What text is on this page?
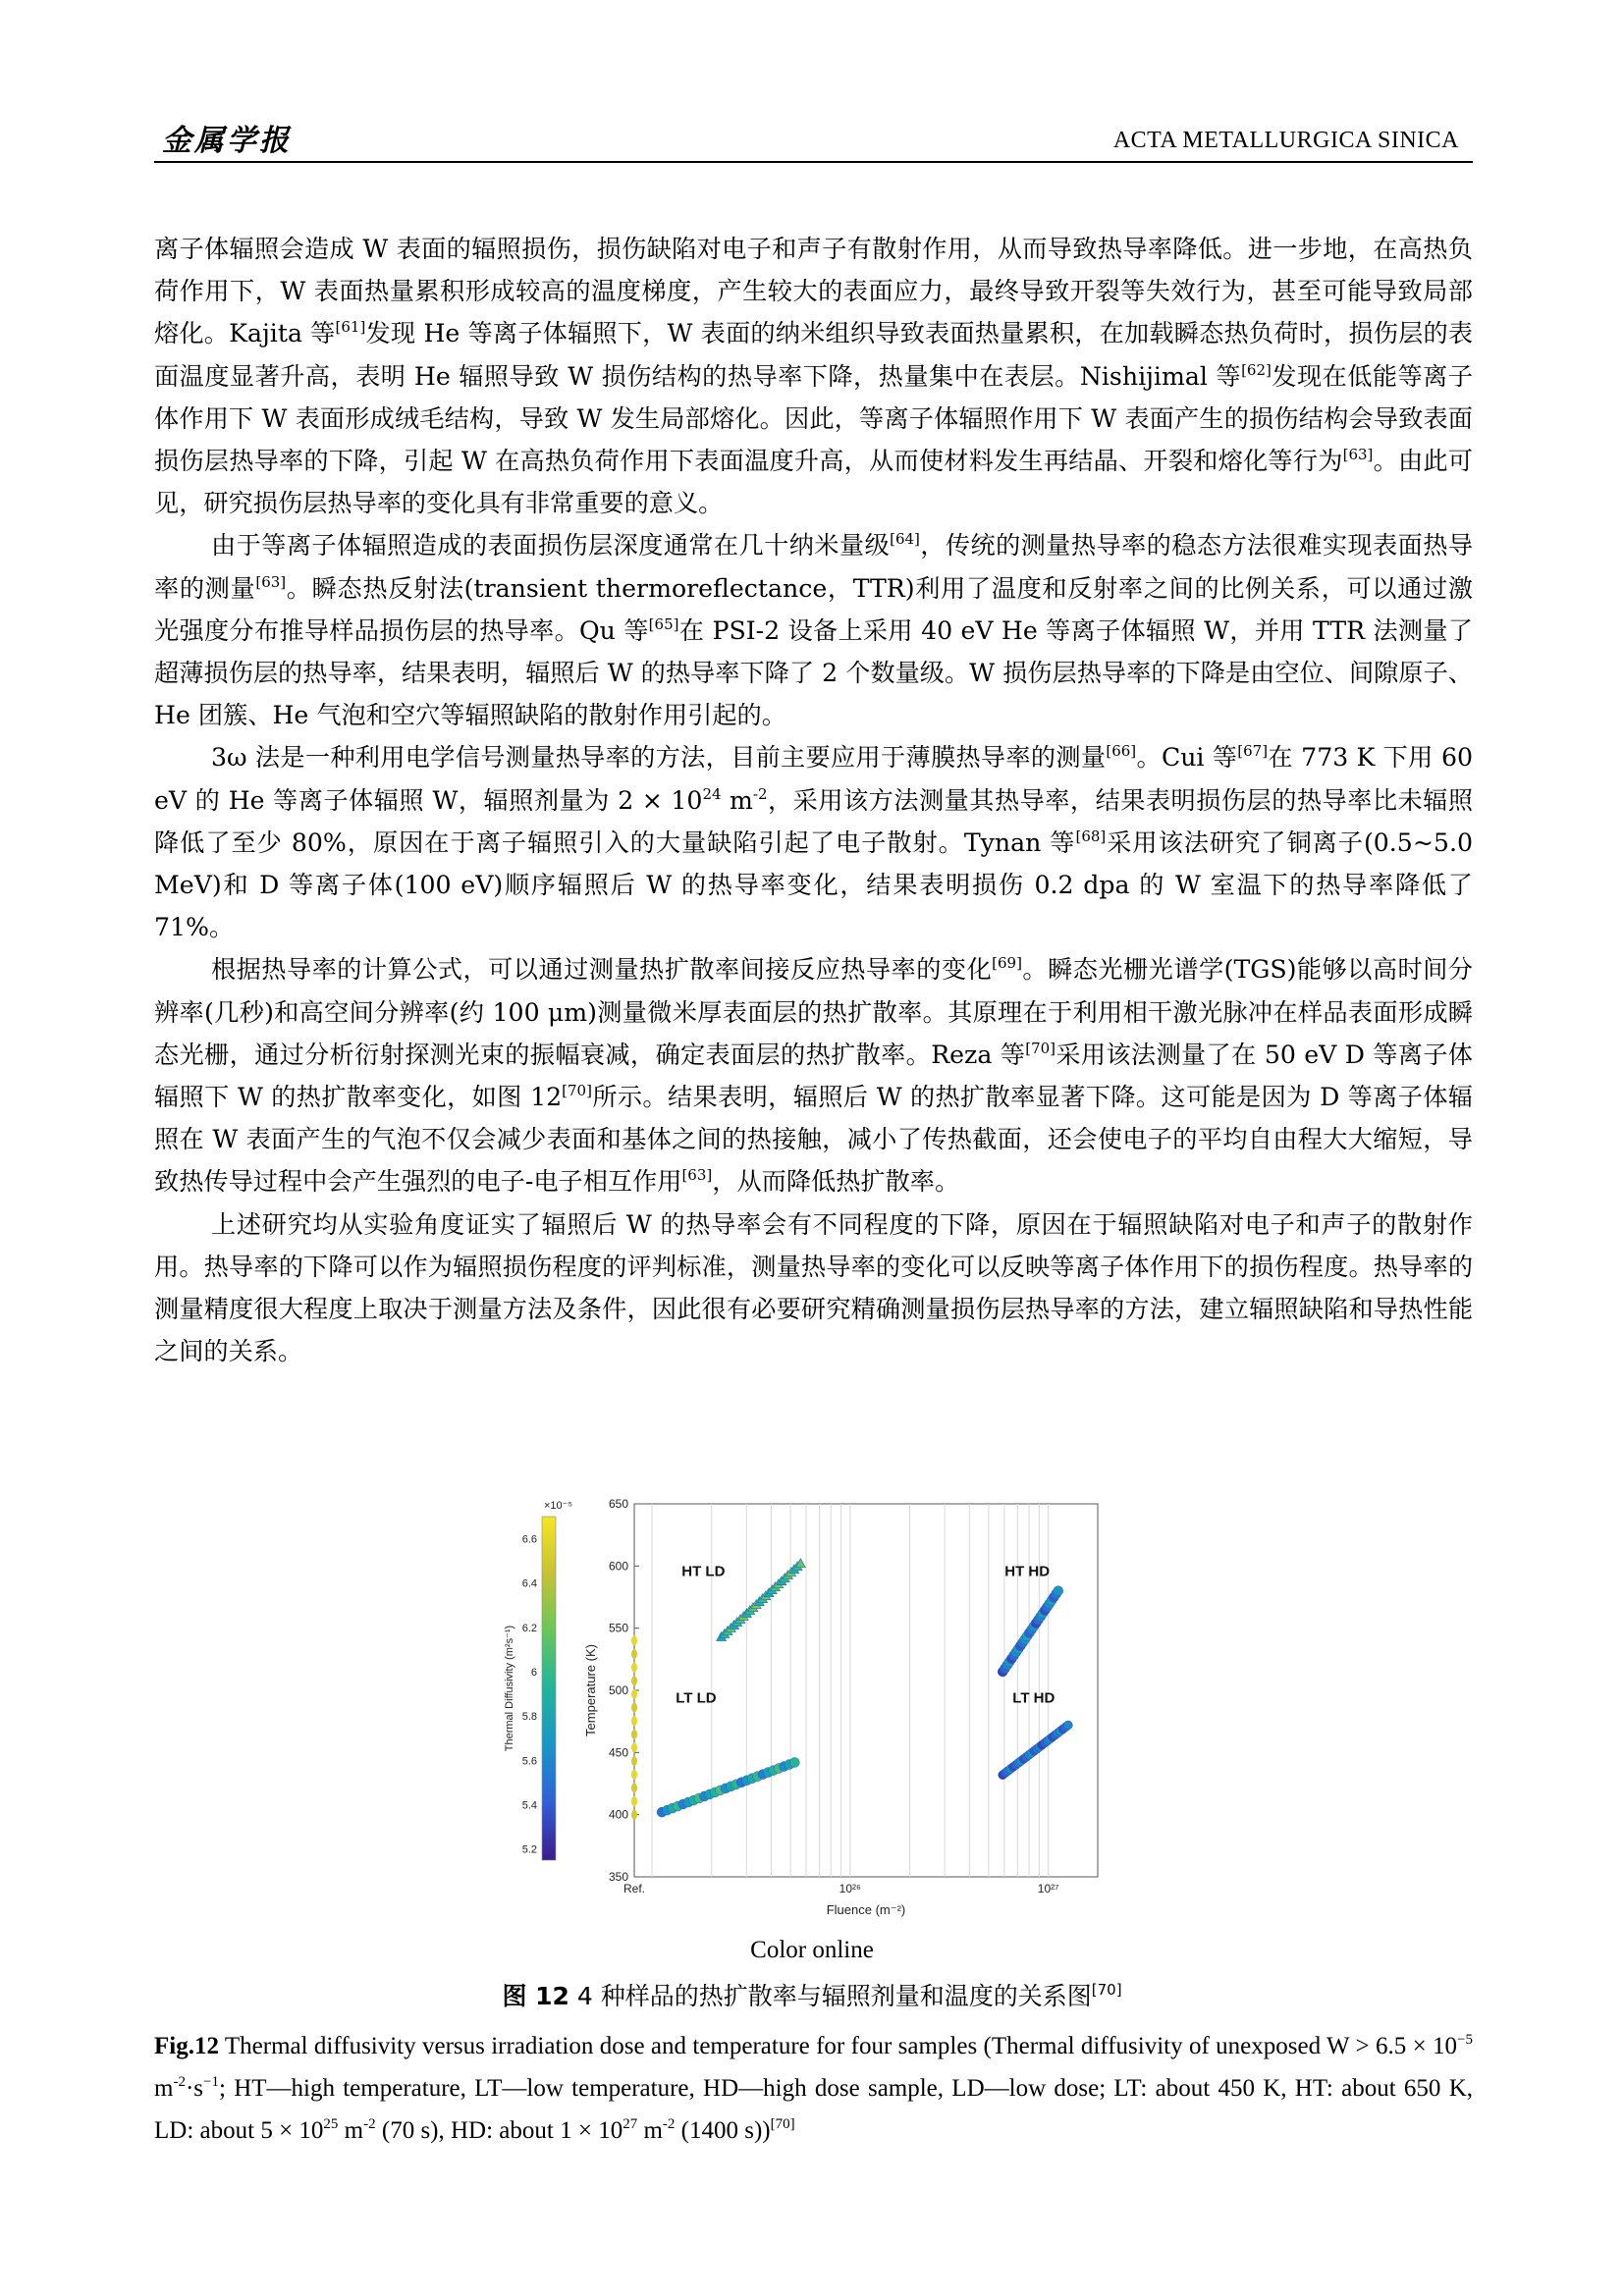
金属学报	ACTA METALLURGICA SINICA

离子体辐照会造成 W 表面的辐照损伤，损伤缺陷对电子和声子有散射作用，从而导致热导率降低。进一步地，在高热负荷作用下，W 表面热量累积形成较高的温度梯度，产生较大的表面应力，最终导致开裂等失效行为，甚至可能导致局部熔化。Kajita 等[61]发现 He 等离子体辐照下，W 表面的纳米组织导致表面热量累积，在加载瞬态热负荷时，损伤层的表面温度显著升高，表明 He 辐照导致 W 损伤结构的热导率下降，热量集中在表层。Nishijimal 等[62]发现在低能等离子体作用下 W 表面形成绒毛结构，导致 W 发生局部熔化。因此，等离子体辐照作用下 W 表面产生的损伤结构会导致表面损伤层热导率的下降，引起 W 在高热负荷作用下表面温度升高，从而使材料发生再结晶、开裂和熔化等行为[63]。由此可见，研究损伤层热导率的变化具有非常重要的意义。

由于等离子体辐照造成的表面损伤层深度通常在几十纳米量级[64]，传统的测量热导率的稳态方法很难实现表面热导率的测量[63]。瞬态热反射法(transient thermoreflectance，TTR)利用了温度和反射率之间的比例关系，可以通过激光强度分布推导样品损伤层的热导率。Qu 等[65]在 PSI-2 设备上采用 40 eV He 等离子体辐照 W，并用 TTR 法测量了超薄损伤层的热导率，结果表明，辐照后 W 的热导率下降了 2 个数量级。W 损伤层热导率的下降是由空位、间隙原子、He 团簇、He 气泡和空穴等辐照缺陷的散射作用引起的。

3ω 法是一种利用电学信号测量热导率的方法，目前主要应用于薄膜热导率的测量[66]。Cui 等[67]在 773 K 下用 60 eV 的 He 等离子体辐照 W，辐照剂量为 $2 \times 10^{24}$ $m^{-2}$，采用该方法测量其热导率，结果表明损伤层的热导率比未辐照降低了至少 80%，原因在于离子辐照引入的大量缺陷引起了电子散射。Tynan 等[68]采用该法研究了铜离子(0.5~5.0 MeV)和 D 等离子体(100 eV)顺序辐照后 W 的热导率变化，结果表明损伤 0.2 dpa 的 W 室温下的热导率降低了 71%。

根据热导率的计算公式，可以通过测量热扩散率间接反应热导率的变化[69]。瞬态光栅光谱学(TGS)能够以高时间分辨率(几秒)和高空间分辨率(约 100 μm)测量微米厚表面层的热扩散率。其原理在于利用相干激光脉冲在样品表面形成瞬态光栅，通过分析衍射探测光束的振幅衰减，确定表面层的热扩散率。Reza 等[70]采用该法测量了在 50 eV D 等离子体辐照下 W 的热扩散率变化，如图 12[70]所示。结果表明，辐照后 W 的热扩散率显著下降。这可能是因为 D 等离子体辐照在 W 表面产生的气泡不仅会减少表面和基体之间的热接触，减小了传热截面，还会使电子的平均自由程大大缩短，导致热传导过程中会产生强烈的电子-电子相互作用[63]，从而降低热扩散率。

上述研究均从实验角度证实了辐照后 W 的热导率会有不同程度的下降，原因在于辐照缺陷对电子和声子的散射作用。热导率的下降可以作为辐照损伤程度的评判标准，测量热导率的变化可以反映等离子体作用下的损伤程度。热导率的测量精度很大程度上取决于测量方法及条件，因此很有必要研究精确测量损伤层热导率的方法，建立辐照缺陷和导热性能之间的关系。

350
400
450
500
550
600
650
Ref.	10²⁶	10²⁷
Fluence (m⁻²)
Temperature (K)
5.2
5.4
5.6
5.8
6
6.2
6.4
6.6
×10⁻⁵
Thermal Diffusivity (m²s⁻¹)
HT LD	HT HD
LT LD	LT HD
Color online
图 12 4 种样品的热扩散率与辐照剂量和温度的关系图[70]
Fig.12 Thermal diffusivity versus irradiation dose and temperature for four samples (Thermal diffusivity of unexposed $W > 6.5 \times 10^{-5}$ $m^{-2}\cdot s^{-1}$; HT—high temperature, LT—low temperature, HD—high dose sample, LD—low dose; LT: about 450 K, HT: about 650 K, LD: about $5 \times 10^{25}$ $m^{-2}$ (70 s), HD: about $1 \times 10^{27}$ $m^{-2}$ (1400 s))[70]
